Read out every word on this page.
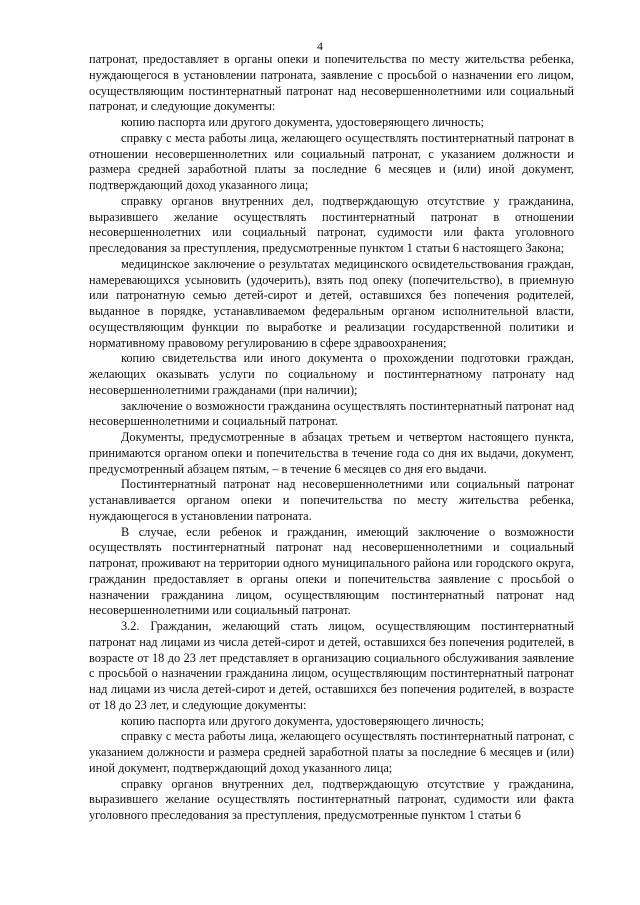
4

патронат, предоставляет в органы опеки и попечительства по месту жительства ребенка, нуждающегося в установлении патроната, заявление с просьбой о назначении его лицом, осуществляющим постинтернатный патронат над несовершеннолетними или социальный патронат, и следующие документы:

копию паспорта или другого документа, удостоверяющего личность;

справку с места работы лица, желающего осуществлять постинтернатный патронат в отношении несовершеннолетних или социальный патронат, с указанием должности и размера средней заработной платы за последние 6 месяцев и (или) иной документ, подтверждающий доход указанного лица;

справку органов внутренних дел, подтверждающую отсутствие у гражданина, выразившего желание осуществлять постинтернатный патронат в отношении несовершеннолетних или социальный патронат, судимости или факта уголовного преследования за преступления, предусмотренные пунктом 1 статьи 6 настоящего Закона;

медицинское заключение о результатах медицинского освидетельствования граждан, намеревающихся усыновить (удочерить), взять под опеку (попечительство), в приемную или патронатную семью детей-сирот и детей, оставшихся без попечения родителей, выданное в порядке, устанавливаемом федеральным органом исполнительной власти, осуществляющим функции по выработке и реализации государственной политики и нормативному правовому регулированию в сфере здравоохранения;

копию свидетельства или иного документа о прохождении подготовки граждан, желающих оказывать услуги по социальному и постинтернатному патронату над несовершеннолетними гражданами (при наличии);

заключение о возможности гражданина осуществлять постинтернатный патронат над несовершеннолетними и социальный патронат.

Документы, предусмотренные в абзацах третьем и четвертом настоящего пункта, принимаются органом опеки и попечительства в течение года со дня их выдачи, документ, предусмотренный абзацем пятым, – в течение 6 месяцев со дня его выдачи.

Постинтернатный патронат над несовершеннолетними или социальный патронат устанавливается органом опеки и попечительства по месту жительства ребенка, нуждающегося в установлении патроната.

В случае, если ребенок и гражданин, имеющий заключение о возможности осуществлять постинтернатный патронат над несовершеннолетними и социальный патронат, проживают на территории одного муниципального района или городского округа, гражданин предоставляет в органы опеки и попечительства заявление с просьбой о назначении гражданина лицом, осуществляющим постинтернатный патронат над несовершеннолетними или социальный патронат.

3.2. Гражданин, желающий стать лицом, осуществляющим постинтернатный патронат над лицами из числа детей-сирот и детей, оставшихся без попечения родителей, в возрасте от 18 до 23 лет представляет в организацию социального обслуживания заявление с просьбой о назначении гражданина лицом, осуществляющим постинтернатный патронат над лицами из числа детей-сирот и детей, оставшихся без попечения родителей, в возрасте от 18 до 23 лет, и следующие документы:

копию паспорта или другого документа, удостоверяющего личность;

справку с места работы лица, желающего осуществлять постинтернатный патронат, с указанием должности и размера средней заработной платы за последние 6 месяцев и (или) иной документ, подтверждающий доход указанного лица;

справку органов внутренних дел, подтверждающую отсутствие у гражданина, выразившего желание осуществлять постинтернатный патронат, судимости или факта уголовного преследования за преступления, предусмотренные пунктом 1 статьи 6
